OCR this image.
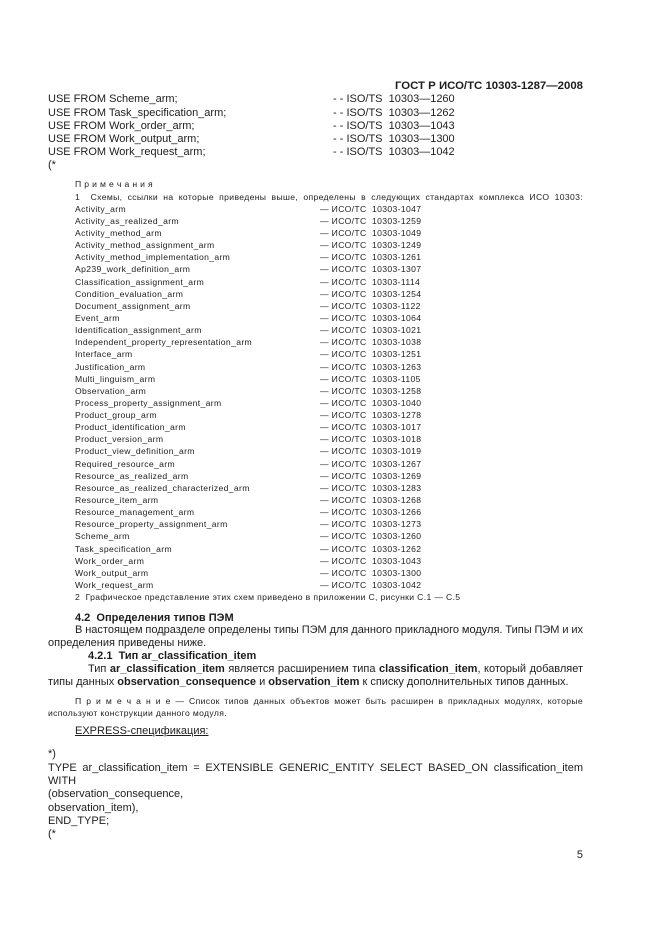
ГОСТ Р ИСО/ТС 10303-1287—2008

USE FROM Scheme_arm;	- - ISO/TS  10303—1260
USE FROM Task_specification_arm;	- - ISO/TS  10303—1262
USE FROM Work_order_arm;	- - ISO/TS  10303—1043
USE FROM Work_output_arm;	- - ISO/TS  10303—1300
USE FROM Work_request_arm;	- - ISO/TS  10303—1042
(*
П р и м е ч а н и я
1  Схемы, ссылки на которые приведены выше, определены в следующих стандартах комплекса ИСО 10303:
Activity_arm	— ИСО/ТС  10303-1047
Activity_as_realized_arm	— ИСО/ТС  10303-1259
Activity_method_arm	— ИСО/ТС  10303-1049
Activity_method_assignment_arm	— ИСО/ТС  10303-1249
Activity_method_implementation_arm	— ИСО/ТС  10303-1261
Ap239_work_definition_arm	— ИСО/ТС  10303-1307
Classification_assignment_arm	— ИСО/ТС  10303-1114
Condition_evaluation_arm	— ИСО/ТС  10303-1254
Document_assignment_arm	— ИСО/ТС  10303-1122
Event_arm	— ИСО/ТС  10303-1064
Identification_assignment_arm	— ИСО/ТС  10303-1021
Independent_property_representation_arm	— ИСО/ТС  10303-1038
Interface_arm	— ИСО/ТС  10303-1251
Justification_arm	— ИСО/ТС  10303-1263
Multi_linguism_arm	— ИСО/ТС  10303-1105
Observation_arm	— ИСО/ТС  10303-1258
Process_property_assignment_arm	— ИСО/ТС  10303-1040
Product_group_arm	— ИСО/ТС  10303-1278
Product_identification_arm	— ИСО/ТС  10303-1017
Product_version_arm	— ИСО/ТС  10303-1018
Product_view_definition_arm	— ИСО/ТС  10303-1019
Required_resource_arm	— ИСО/ТС  10303-1267
Resource_as_realized_arm	— ИСО/ТС  10303-1269
Resource_as_realized_characterized_arm	— ИСО/ТС  10303-1283
Resource_item_arm	— ИСО/ТС  10303-1268
Resource_management_arm	— ИСО/ТС  10303-1266
Resource_property_assignment_arm	— ИСО/ТС  10303-1273
Scheme_arm	— ИСО/ТС  10303-1260
Task_specification_arm	— ИСО/ТС  10303-1262
Work_order_arm	— ИСО/ТС  10303-1043
Work_output_arm	— ИСО/ТС  10303-1300
Work_request_arm	— ИСО/ТС  10303-1042
2  Графическое представление этих схем приведено в приложении С, рисунки С.1 — С.5
4.2  Определения типов ПЭМ
В настоящем подразделе определены типы ПЭМ для данного прикладного модуля. Типы ПЭМ и их
определения приведены ниже.
4.2.1  Тип ar_classification_item
Тип ar_classification_item является расширением типа classification_item, который добавляет
типы данных observation_consequence и observation_item к списку дополнительных типов данных.
П р и м е ч а н и е — Список типов данных объектов может быть расширен в прикладных модулях, которые
используют конструкции данного модуля.
EXPRESS-спецификация:
*)
TYPE ar_classification_item = EXTENSIBLE GENERIC_ENTITY SELECT BASED_ON classification_item
WITH
(observation_consequence,
observation_item),
END_TYPE;
(*
5
